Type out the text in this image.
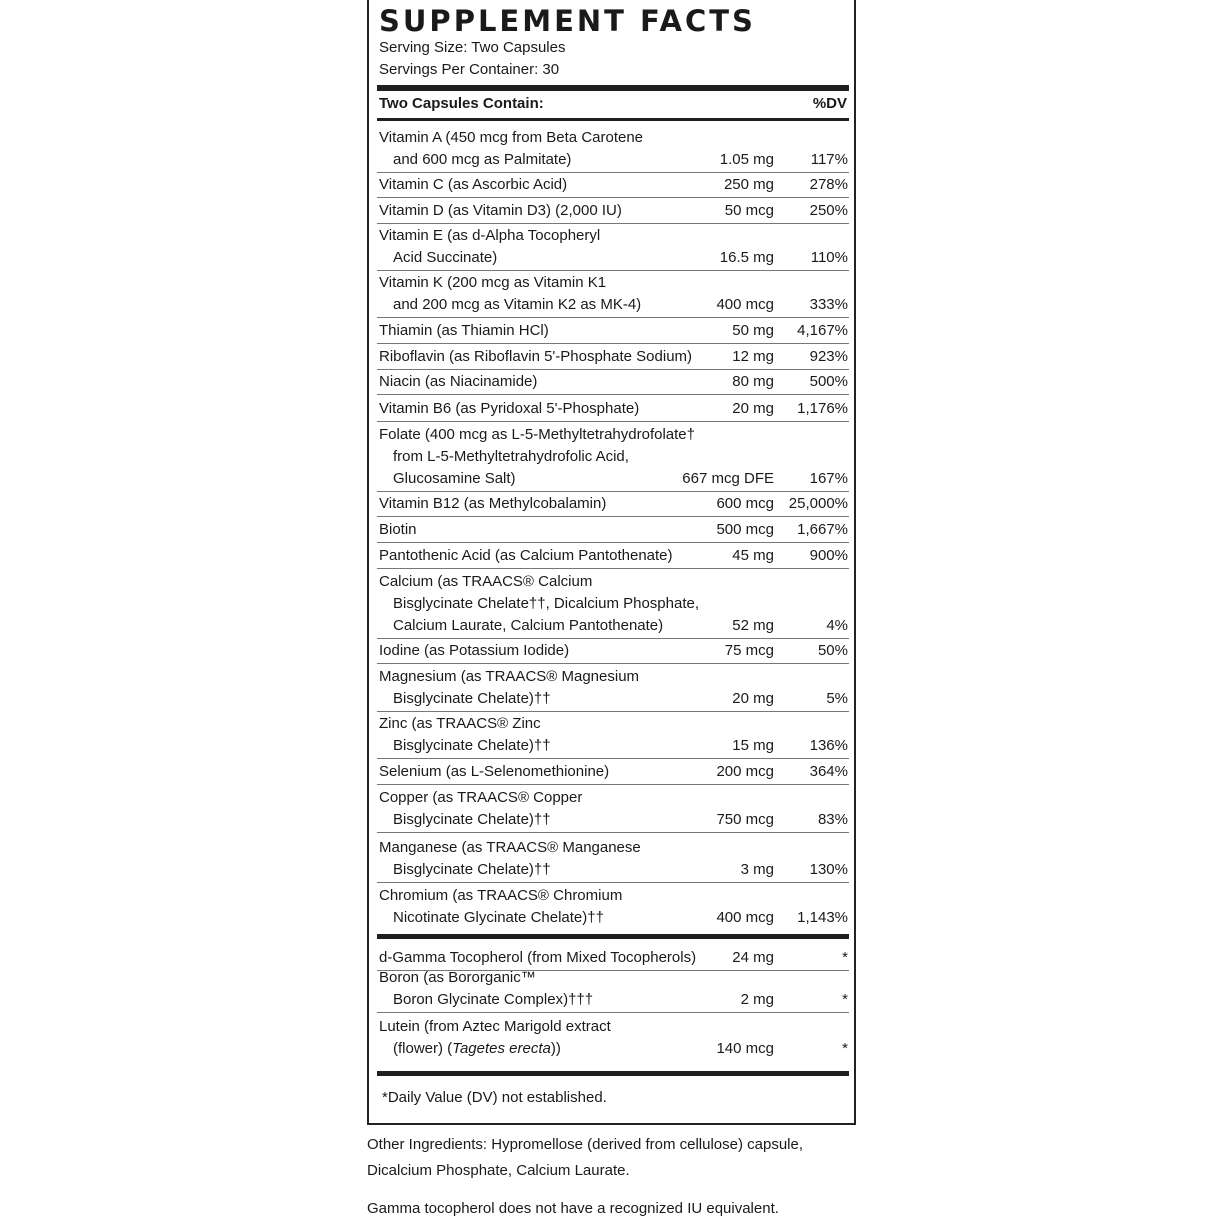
SUPPLEMENT FACTS
Serving Size: Two Capsules
Servings Per Container: 30
Two Capsules Contain:	%DV
Vitamin A (450 mcg from Beta Carotene
and 600 mcg as Palmitate)	1.05 mg 117%
Vitamin C (as Ascorbic Acid)	250 mg 278%
Vitamin D (as Vitamin D3) (2,000 IU)	50 mcg 250%
Vitamin E (as d-Alpha Tocopheryl
Acid Succinate)	16.5 mg 110%
Vitamin K (200 mcg as Vitamin K1
and 200 mcg as Vitamin K2 as MK-4)	400 mcg 333%
Thiamin (as Thiamin HCl)	50 mg 4,167%
Riboflavin (as Riboflavin 5'-Phosphate Sodium)	12 mg 923%
Niacin (as Niacinamide)	80 mg 500%
Vitamin B6 (as Pyridoxal 5'-Phosphate)	20 mg 1,176%
Folate (400 mcg as L-5-Methyltetrahydrofolate†
from L-5-Methyltetrahydrofolic Acid,
Glucosamine Salt)	667 mcg DFE 167%
Vitamin B12 (as Methylcobalamin)	600 mcg 25,000%
Biotin	500 mcg 1,667%
Pantothenic Acid (as Calcium Pantothenate)	45 mg 900%
Calcium (as TRAACS® Calcium
Bisglycinate Chelate††, Dicalcium Phosphate,
Calcium Laurate, Calcium Pantothenate)	52 mg	4%
Iodine (as Potassium Iodide)	75 mcg	50%
Magnesium (as TRAACS® Magnesium
Bisglycinate Chelate)††	20 mg	5%
Zinc (as TRAACS® Zinc
Bisglycinate Chelate)††	15 mg 136%
Selenium (as L-Selenomethionine)	200 mcg 364%
Copper (as TRAACS® Copper
Bisglycinate Chelate)††	750 mcg	83%
Manganese (as TRAACS® Manganese
Bisglycinate Chelate)††	3 mg 130%
Chromium (as TRAACS® Chromium
Nicotinate Glycinate Chelate)††	400 mcg 1,143%
d-Gamma Tocopherol (from Mixed Tocopherols) 24 mg	*
Boron (as Bororganic™
Boron Glycinate Complex)†††	2 mg	*
Lutein (from Aztec Marigold extract
(flower) (Tagetes erecta))	140 mcg	*
*Daily Value (DV) not established.
Other Ingredients: Hypromellose (derived from cellulose) capsule,
Dicalcium Phosphate, Calcium Laurate.
Gamma tocopherol does not have a recognized IU equivalent.
